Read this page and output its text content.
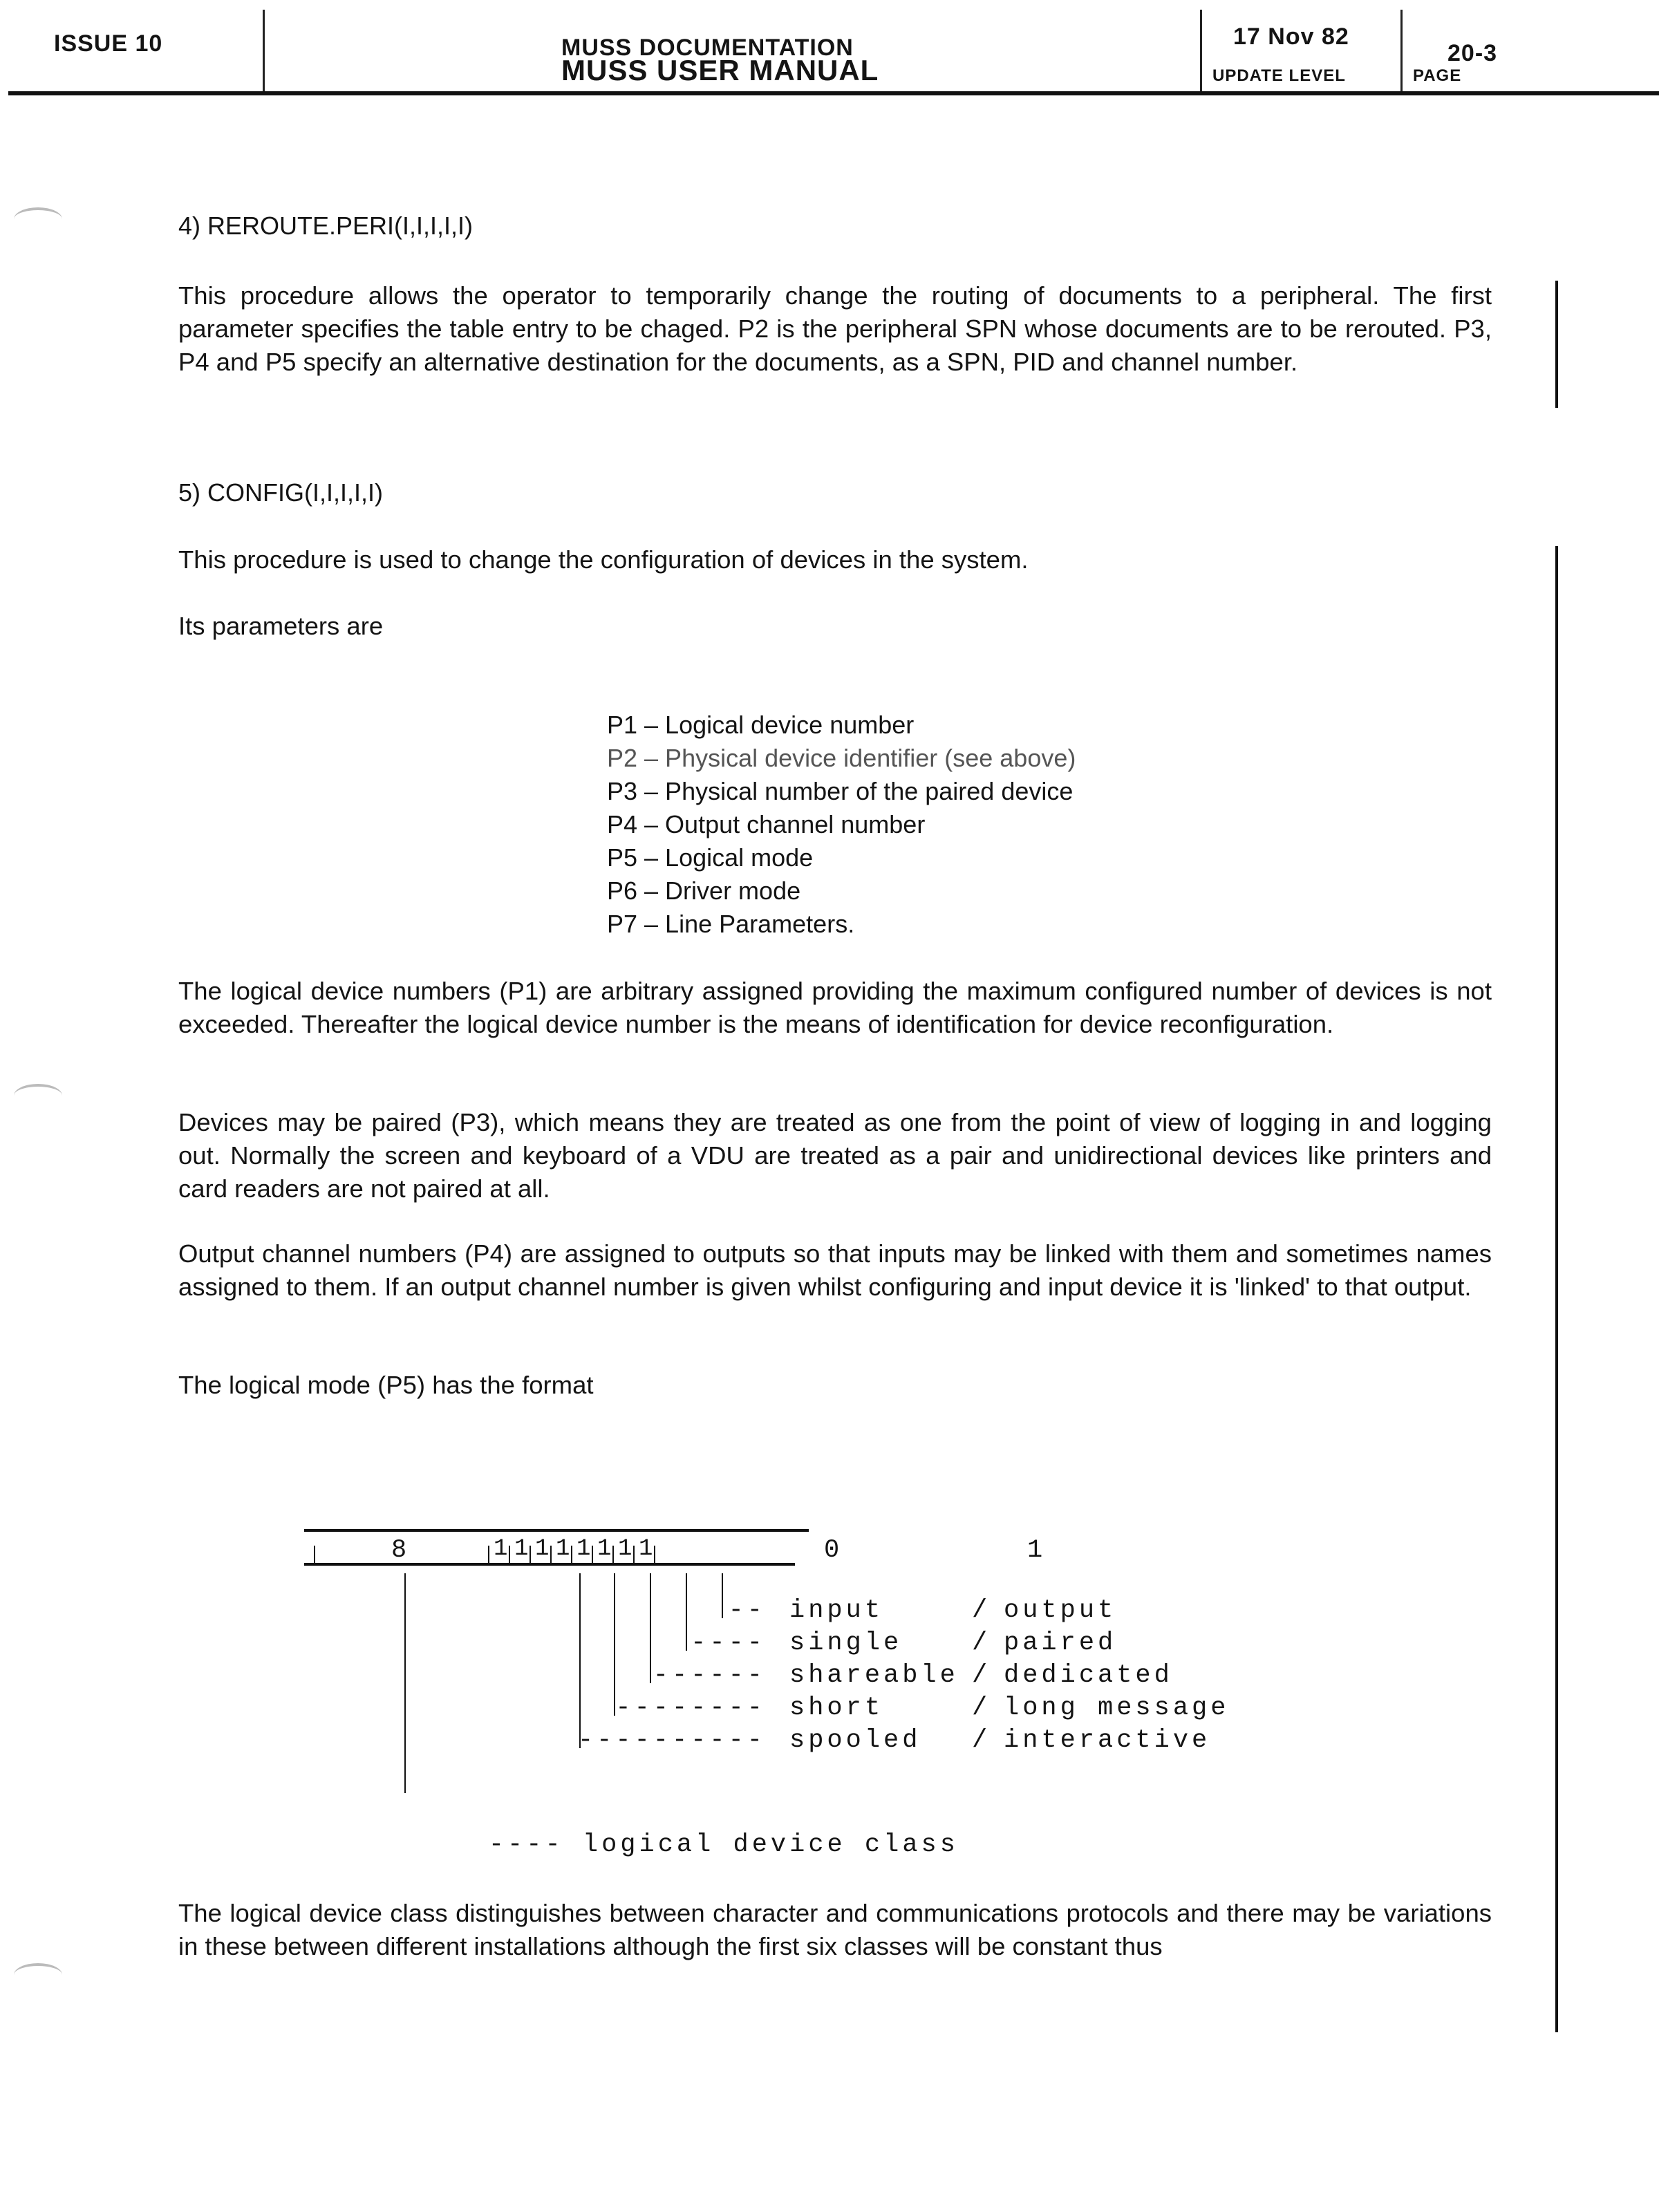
ISSUE 10	MUSS DOCUMENTATION
MUSS USER MANUAL
17 Nov 82
UPDATE LEVEL
20-3
PAGE
4) REROUTE.PERI(I,I,I,I,I)

This procedure allows the operator to temporarily change the routing of documents to a peripheral. The first parameter specifies the table entry to be chaged. P2 is the peripheral SPN whose documents are to be rerouted. P3, P4 and P5 specify an alternative destination for the documents, as a SPN, PID and channel number.

5) CONFIG(I,I,I,I,I)

This procedure is used to change the configuration of devices in the system.

Its parameters are

P1 – Logical device number
P2 – Physical device identifier (see above)
P3 – Physical number of the paired device
P4 – Output channel number
P5 – Logical mode
P6 – Driver mode
P7 – Line Parameters.

The logical device numbers (P1) are arbitrary assigned providing the maximum configured number of devices is not exceeded. Thereafter the logical device number is the means of identification for device reconfiguration.

Devices may be paired (P3), which means they are treated as one from the point of view of logging in and logging out. Normally the screen and keyboard of a VDU are treated as a pair and unidirectional devices like printers and card readers are not paired at all.

Output channel numbers (P4) are assigned to outputs so that inputs may be linked with them and sometimes names assigned to them. If an output channel number is given whilst configuring and input device it is 'linked' to that output.

The logical mode (P5) has the format

8	1 1 1 1 1 1 1 1	0	1
-- input	/ output
---- single	/ paired
------ shareable / dedicated
-------- short	/ long message
---------- spooled / interactive

---- logical device class

The logical device class distinguishes between character and communications protocols and there may be variations in these between different installations although the first six classes will be constant thus
